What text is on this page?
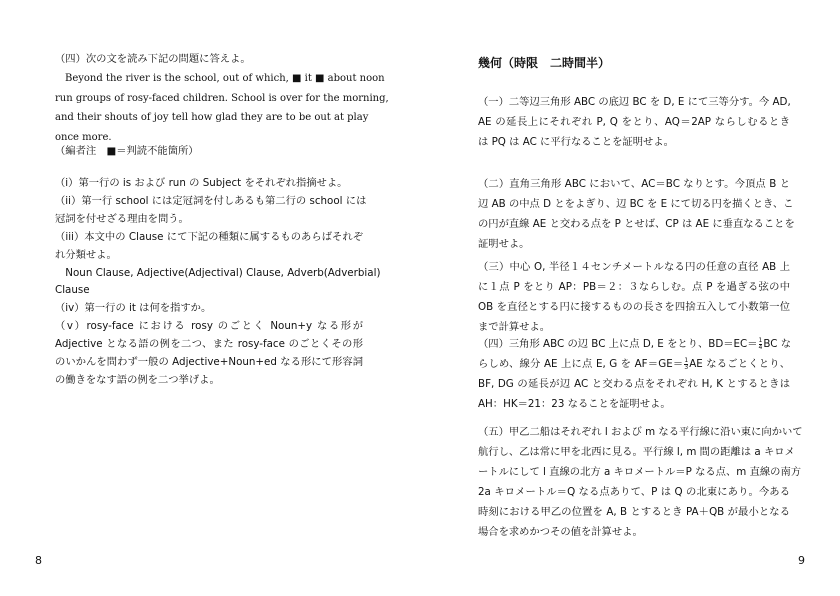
（四）次の文を読み下記の問題に答えよ。
　Beyond the river is the school, out of which, ■ it ■ about noon
run groups of rosy-faced children. School is over for the morning,
and their shouts of joy tell how glad they are to be out at play
once more.
（編者注　■＝判読不能箇所）
（i）第一行の is および run の Subject をそれぞれ指摘せよ。
（ii）第一行 school には定冠詞を付しあるも第二行の school には
冠詞を付せざる理由を問う。
（iii）本文中の Clause にて下記の種類に属するものあらばそれぞ
れ分類せよ。
　Noun Clause, Adjective(Adjectival) Clause, Adverb(Adverbial)
Clause
（iv）第一行の it は何を指すか。
（v）rosy-face における rosy のごとく Noun+y なる形が
Adjective となる語の例を二つ、また rosy-face のごとくその形
のいかんを問わず一般の Adjective+Noun+ed なる形にて形容詞
の働きをなす語の例を二つ挙げよ。
8
幾何（時限　二時間半）
（一）二等辺三角形 ABC の底辺 BC を D, E にて三等分す。今 AD,
AE の延長上にそれぞれ P, Q をとり、AQ＝2AP ならしむるとき
は PQ は AC に平行なることを証明せよ。
（二）直角三角形 ABC において、AC＝BC なりとす。今頂点 B と
辺 AB の中点 D とをよぎり、辺 BC を E にて切る円を描くとき、こ
の円が直線 AE と交わる点を P とせば、CP は AE に垂直なることを
証明せよ。
（三）中心 O, 半径１４センチメートルなる円の任意の直径 AB 上
に１点 P をとり AP：PB＝２：３ならしむ。点 P を過ぎる弦の中
OB を直径とする円に接するものの長さを四捨五入して小数第一位
まで計算せよ。
（四）三角形 ABC の辺 BC 上に点 D, E をとり、$BD=EC= \frac{1}{4}$ BC な
らしめ、線分 AE 上に点 E, G を $AF=GE= \frac{1}{3}$ AE なるごとくとり、
BF, DG の延長が辺 AC と交わる点をそれぞれ H, K とするときは
AH：HK＝21：23 なることを証明せよ。
（五）甲乙二船はそれぞれ l および m なる平行線に沿い東に向かいて
航行し、乙は常に甲を北西に見る。平行線 l, m 間の距離は a キロメ
ートルにして l 直線の北方 a キロメートル＝P なる点、m 直線の南方
2a キロメートル＝Q なる点ありて、P は Q の北東にあり。今ある
時刻における甲乙の位置を A, B とするとき PA＋QB が最小となる
場合を求めかつその値を計算せよ。
9
